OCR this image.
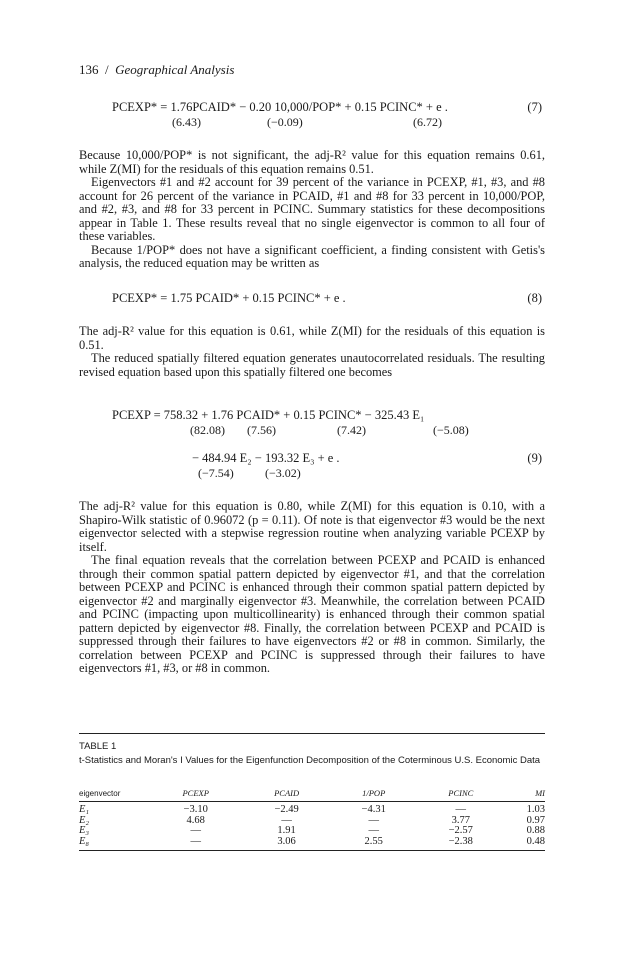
136 / Geographical Analysis
PCEXP* = 1.76PCAID* − 0.20 10,000/POP* + 0.15 PCINC* + e .	(7)
(6.43)	(−0.09)	(6.72)

Because 10,000/POP* is not significant, the adj-R² value for this equation remains 0.61, while Z(MI) for the residuals of this equation remains 0.51.

Eigenvectors #1 and #2 account for 39 percent of the variance in PCEXP, #1, #3, and #8 account for 26 percent of the variance in PCAID, #1 and #8 for 33 percent in 10,000/POP, and #2, #3, and #8 for 33 percent in PCINC. Summary statistics for these decompositions appear in Table 1. These results reveal that no single eigenvector is common to all four of these variables.

Because 1/POP* does not have a significant coefficient, a finding consistent with Getis's analysis, the reduced equation may be written as

PCEXP* = 1.75 PCAID* + 0.15 PCINC* + e .	(8)

The adj-R² value for this equation is 0.61, while Z(MI) for the residuals of this equation is 0.51.

The reduced spatially filtered equation generates unautocorrelated residuals. The resulting revised equation based upon this spatially filtered one becomes

PCEXP = 758.32 + 1.76 PCAID* + 0.15 PCINC* − 325.43 E₁
(82.08) (7.56)	(7.42)	(−5.08)
− 484.94 E₂ − 193.32 E₃ + e .	(9)
(−7.54)	(−3.02)

The adj-R² value for this equation is 0.80, while Z(MI) for this equation is 0.10, with a Shapiro-Wilk statistic of 0.96072 (p = 0.11). Of note is that eigenvector #3 would be the next eigenvector selected with a stepwise regression routine when analyzing variable PCEXP by itself.

The final equation reveals that the correlation between PCEXP and PCAID is enhanced through their common spatial pattern depicted by eigenvector #1, and that the correlation between PCEXP and PCINC is enhanced through their common spatial pattern depicted by eigenvector #2 and marginally eigenvector #3. Meanwhile, the correlation between PCAID and PCINC (impacting upon multicollinearity) is enhanced through their common spatial pattern depicted by eigenvector #8. Finally, the correlation between PCEXP and PCAID is suppressed through their failures to have eigenvectors #2 or #8 in common. Similarly, the correlation between PCEXP and PCINC is suppressed through their failures to have eigenvectors #1, #3, or #8 in common.

TABLE 1
t-Statistics and Moran's I Values for the Eigenfunction Decomposition of the Coterminous U.S. Economic Data
eigenvector	PCEXP	PCAID	1/POP	PCINC	MI
E₁	−3.10	−2.49	−4.31	—	1.03
E₂	4.68	—	—	3.77	0.97
E₃	—	1.91	—	−2.57	0.88
E₈	—	3.06	2.55	−2.38	0.48
